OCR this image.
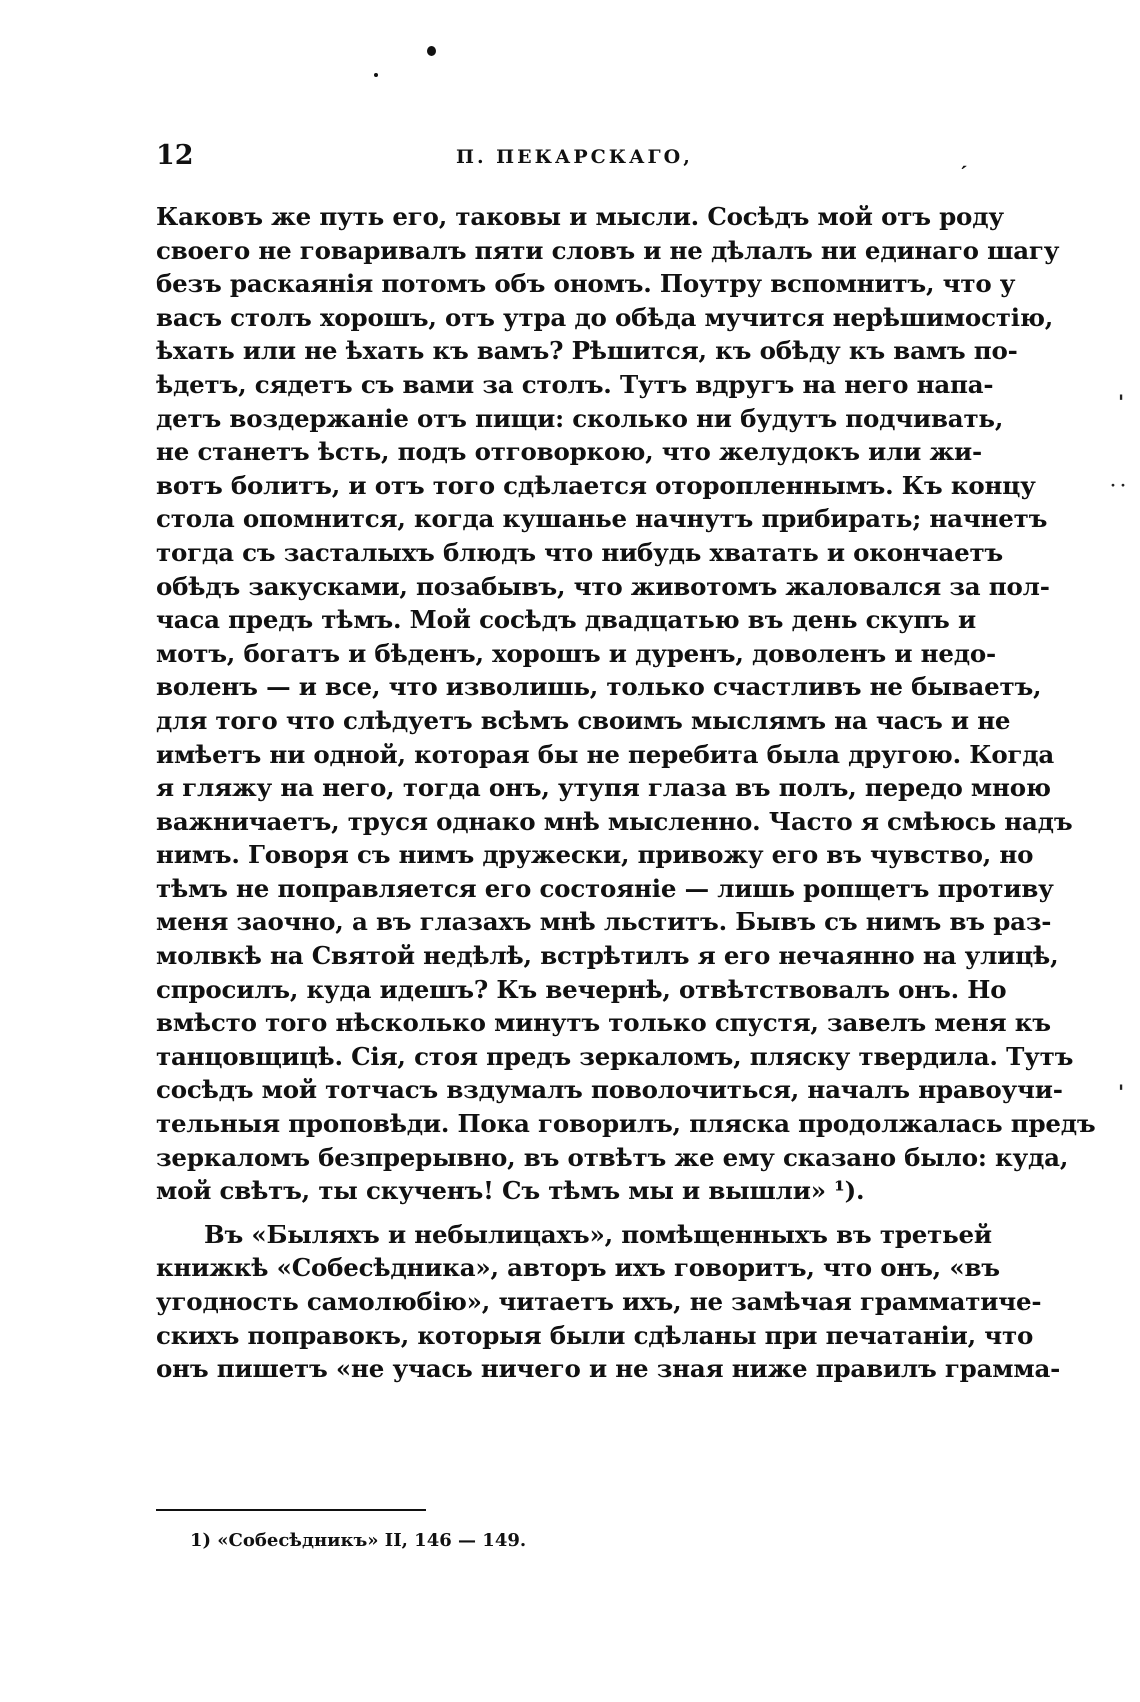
12	П. ПЕКАРСКАГО,	ˏ
Каковъ же путь его, таковы и мысли. Сосѣдъ мой отъ роду
своего не говаривалъ пяти словъ и не дѣлалъ ни единаго шагу
безъ раскаянія потомъ объ ономъ. Поутру вспомнитъ, что у
васъ столъ хорошъ, отъ утра до обѣда мучится нерѣшимостію,
ѣхать или не ѣхать къ вамъ? Рѣшится, къ обѣду къ вамъ по-
ѣдетъ, сядетъ съ вами за столъ. Тутъ вдругъ на него напа-
детъ воздержаніе отъ пищи: сколько ни будутъ подчивать,
не станетъ ѣсть, подъ отговоркою, что желудокъ или жи-
вотъ болитъ, и отъ того сдѣлается оторопленнымъ. Къ концу
стола опомнится, когда кушанье начнутъ прибирать; начнетъ
тогда съ засталыхъ блюдъ что нибудь хватать и окончаетъ
обѣдъ закусками, позабывъ, что животомъ жаловался за пол-
часа предъ тѣмъ. Мой сосѣдъ двадцатью въ день скупъ и
мотъ, богатъ и бѣденъ, хорошъ и дуренъ, доволенъ и недо-
воленъ — и все, что изволишь, только счастливъ не бываетъ,
для того что слѣдуетъ всѣмъ своимъ мыслямъ на часъ и не
имѣетъ ни одной, которая бы не перебита была другою. Когда
я гляжу на него, тогда онъ, утупя глаза въ полъ, передо мною
важничаетъ, труся однако мнѣ мысленно. Часто я смѣюсь надъ
нимъ. Говоря съ нимъ дружески, привожу его въ чувство, но
тѣмъ не поправляется его состояніе — лишь ропщетъ противу
меня заочно, а въ глазахъ мнѣ льститъ. Бывъ съ нимъ въ раз-
молвкѣ на Святой недѣлѣ, встрѣтилъ я его нечаянно на улицѣ,
спросилъ, куда идешъ? Къ вечернѣ, отвѣтствовалъ онъ. Но
вмѣсто того нѣсколько минутъ только спустя, завелъ меня къ
танцовщицѣ. Сія, стоя предъ зеркаломъ, пляску твердила. Тутъ
сосѣдъ мой тотчасъ вздумалъ поволочиться, началъ нравоучи-
тельныя проповѣди. Пока говорилъ, пляска продолжалась предъ
зеркаломъ безпрерывно, въ отвѣтъ же ему сказано было: куда,
мой свѣтъ, ты скученъ! Съ тѣмъ мы и вышли» ¹).
Въ «Быляхъ и небылицахъ», помѣщенныхъ въ третьей
книжкѣ «Собесѣдника», авторъ ихъ говоритъ, что онъ, «въ
угодность самолюбію», читаетъ ихъ, не замѣчая грамматиче-
скихъ поправокъ, которыя были сдѣланы при печатаніи, что
онъ пишетъ «не учась ничего и не зная ниже правилъ грамма-
1) «Собесѣдникъ» II, 146 — 149.
'
˙˙
'
